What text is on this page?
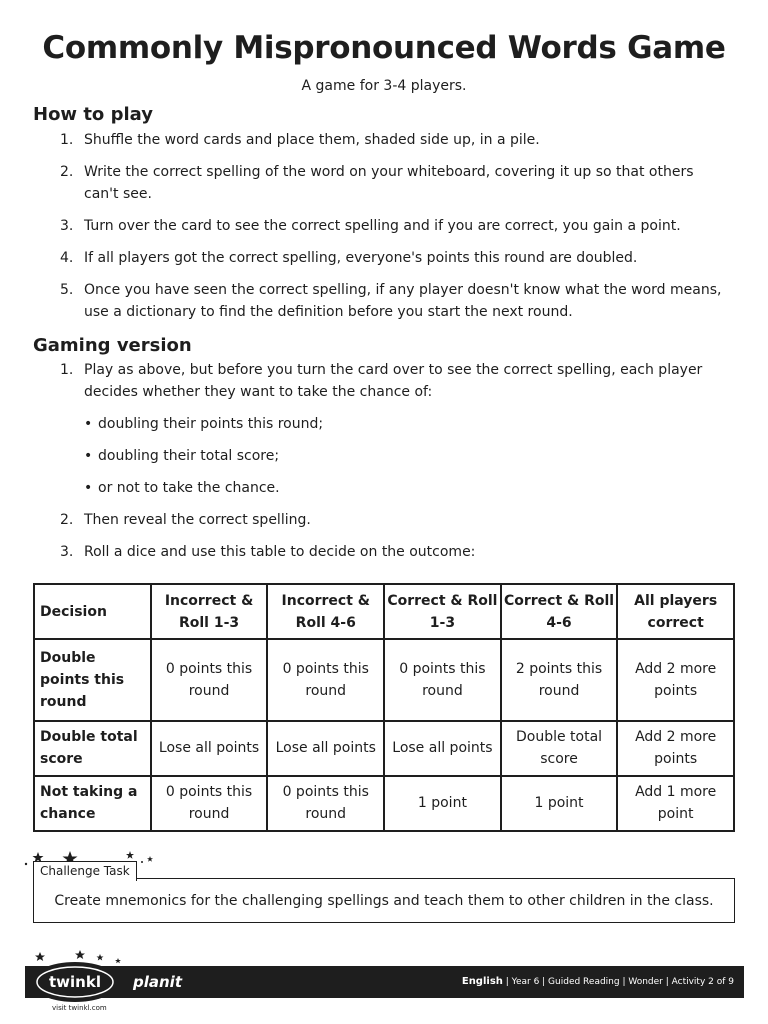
Commonly Mispronounced Words Game
A game for 3-4 players.
How to play
1. Shuffle the word cards and place them, shaded side up, in a pile.
2. Write the correct spelling of the word on your whiteboard, covering it up so that others can't see.
3. Turn over the card to see the correct spelling and if you are correct, you gain a point.
4. If all players got the correct spelling, everyone's points this round are doubled.
5. Once you have seen the correct spelling, if any player doesn't know what the word means, use a dictionary to find the definition before you start the next round.
Gaming version
1. Play as above, but before you turn the card over to see the correct spelling, each player decides whether they want to take the chance of:
• doubling their points this round;
• doubling their total score;
• or not to take the chance.
2. Then reveal the correct spelling.
3. Roll a dice and use this table to decide on the outcome:
Decision	Incorrect & Roll 1-3	Incorrect & Roll 4-6	Correct & Roll 1-3	Correct & Roll 4-6	All players correct
Double points this round	0 points this round	0 points this round	0 points this round	2 points this round	Add 2 more points
Double total score	Lose all points	Lose all points	Lose all points	Double total score	Add 2 more points
Not taking a chance	0 points this round	0 points this round	1 point	1 point	Add 1 more point
Challenge Task
Create mnemonics for the challenging spellings and teach them to other children in the class.
English | Year 6 | Guided Reading | Wonder | Activity 2 of 9
twinkl planit
visit twinkl.com
